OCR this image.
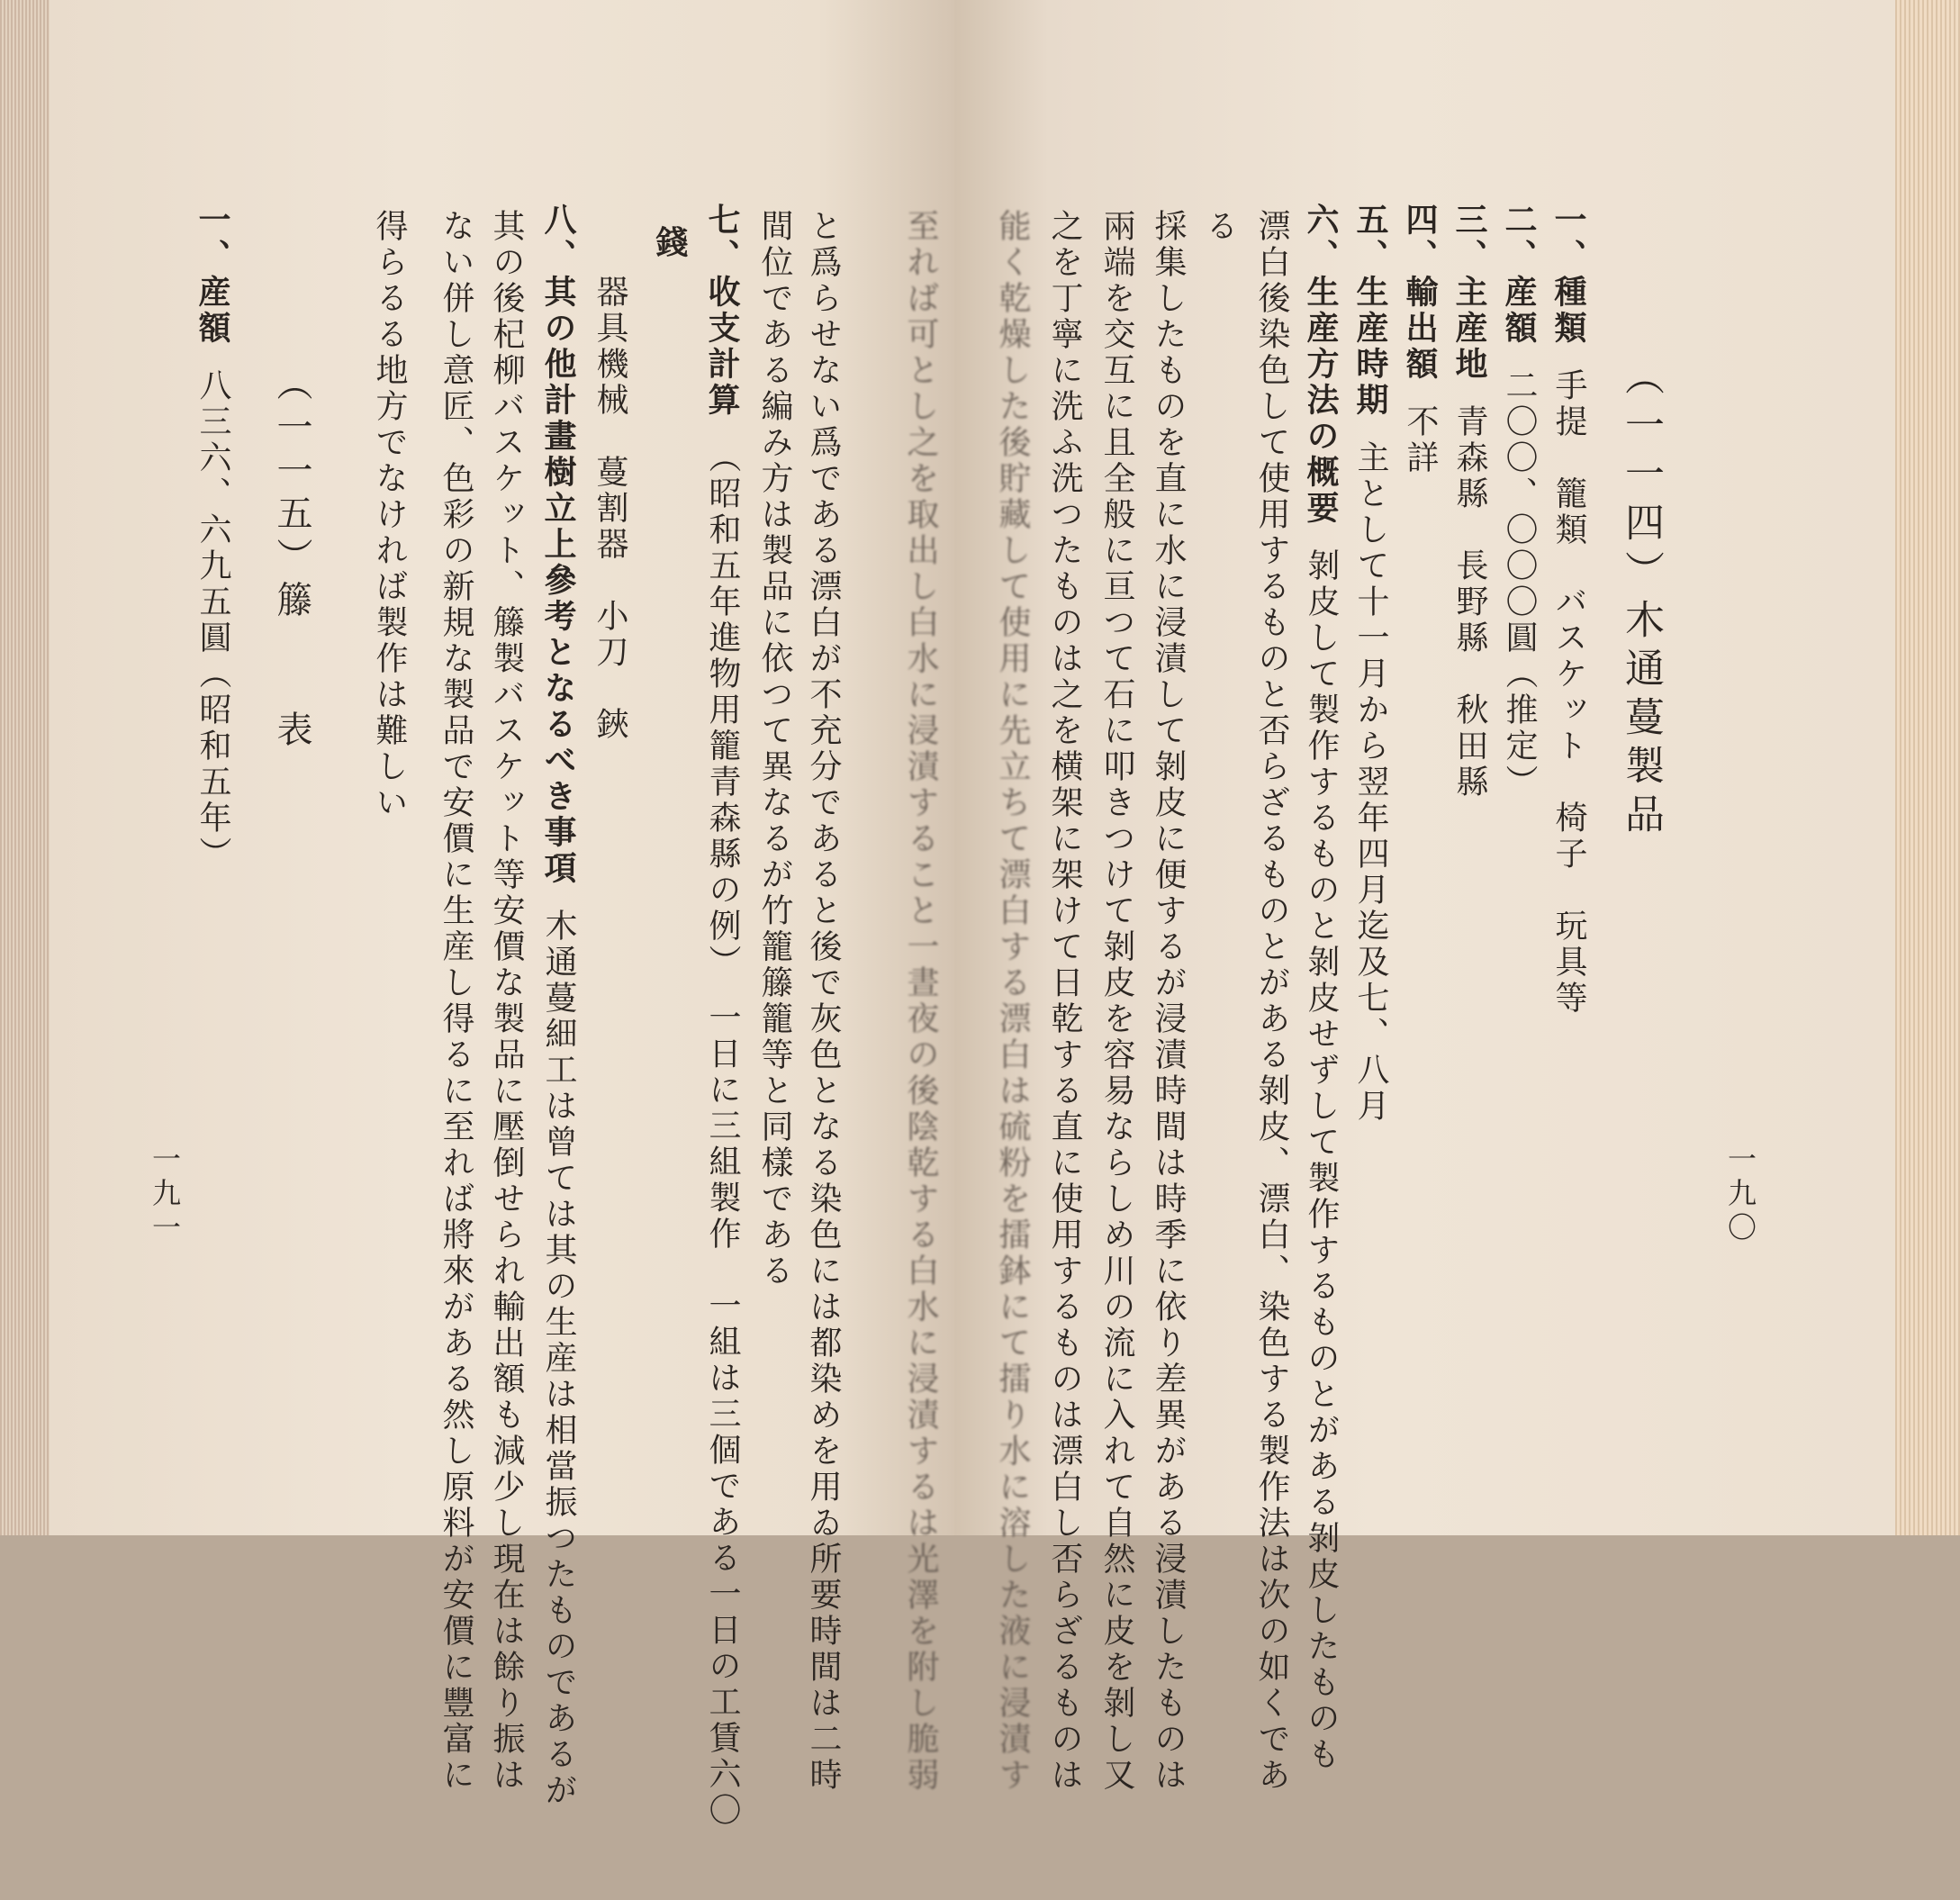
至れば可とし之を取出し白水に浸漬すること一晝夜の後陰乾する白水に浸漬するは光澤を附し脆弱
と爲らせない爲である漂白が不充分であると後で灰色となる染色には都染めを用ゐ所要時間は二時
間位である編み方は製品に依つて異なるが竹籠籐籠等と同樣である
七、收支計算（昭和五年進物用籠青森縣の例）　一日に三組製作　一組は三個である一日の工賃六〇
錢
器具機械　蔓割器　小刀　鋏
八、其の他計畫樹立上參考となるべき事項木通蔓細工は曾ては其の生産は相當振つたものであるが
其の後杞柳バスケット、籐製バスケット等安價な製品に壓倒せられ輸出額も減少し現在は餘り振は
ない併し意匠、色彩の新規な製品で安價に生産し得るに至れば將來がある然し原料が安價に豐富に
得らるる地方でなければ製作は難しい
（一一五）籐　　表
一、産額八三六、六九五圓（昭和五年）
一九一
（一一四）木通蔓製品
一、種類手提　籠類　バスケット　椅子　玩具等
二、産額二〇〇、〇〇〇圓（推定）
三、主産地青森縣　長野縣　秋田縣
四、輸出額不詳
五、生産時期主として十一月から翌年四月迄及七、八月
六、生産方法の概要剝皮して製作するものと剝皮せずして製作するものとがある剝皮したものも
漂白後染色して使用するものと否らざるものとがある剝皮、漂白、染色する製作法は次の如くであ
る
採集したものを直に水に浸漬して剝皮に便するが浸漬時間は時季に依り差異がある浸漬したものは
兩端を交互に且全般に亘つて石に叩きつけて剝皮を容易ならしめ川の流に入れて自然に皮を剝し又
之を丁寧に洗ふ洗つたものは之を横架に架けて日乾する直に使用するものは漂白し否らざるものは
能く乾燥した後貯藏して使用に先立ちて漂白する漂白は硫粉を擂鉢にて擂り水に溶した液に浸漬す	一九〇
